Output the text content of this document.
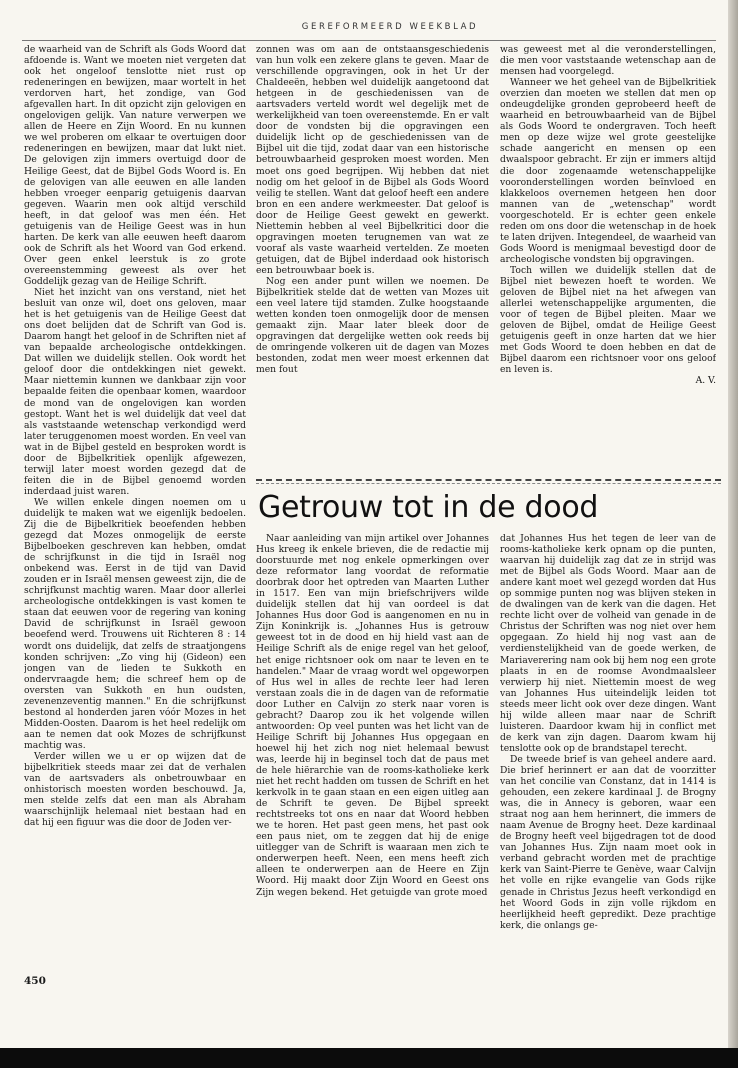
GEREFORMEERD WEEKBLAD

de waarheid van de Schrift als Gods Woord dat afdoende is. Want we moeten niet vergeten dat ook het ongeloof tenslotte niet rust op redeneringen en bewijzen, maar wortelt in het verdorven hart, het zondige, van God afgevallen hart. In dit opzicht zijn gelovigen en ongelovigen gelijk. Van nature verwerpen we allen de Heere en Zijn Woord. En nu kunnen we wel proberen om elkaar te overtuigen door redeneringen en bewijzen, maar dat lukt niet. De gelovigen zijn immers overtuigd door de Heilige Geest, dat de Bijbel Gods Woord is. En de gelovigen van alle eeuwen en alle landen hebben vroeger eenparig getuigenis daarvan gegeven. Waarin men ook altijd verschild heeft, in dat geloof was men één. Het getuigenis van de Heilige Geest was in hun harten. De kerk van alle eeuwen heeft daarom ook de Schrift als het Woord van God erkend. Over geen enkel leerstuk is zo grote overeenstemming geweest als over het Goddelijk gezag van de Heilige Schrift.

Niet het inzicht van ons verstand, niet het besluit van onze wil, doet ons geloven, maar het is het getuigenis van de Heilige Geest dat ons doet belijden dat de Schrift van God is. Daarom hangt het geloof in de Schriften niet af van bepaalde archeologische ontdekkingen. Dat willen we duidelijk stellen. Ook wordt het geloof door die ontdekkingen niet gewekt. Maar niettemin kunnen we dankbaar zijn voor bepaalde feiten die openbaar komen, waardoor de mond van de ongelovigen kan worden gestopt. Want het is wel duidelijk dat veel dat als vaststaande wetenschap verkondigd werd later teruggenomen moest worden. En veel van wat in de Bijbel gesteld en besproken wordt is door de Bijbelkritiek openlijk afgewezen, terwijl later moest worden gezegd dat de feiten die in de Bijbel genoemd worden inderdaad juist waren.

We willen enkele dingen noemen om u duidelijk te maken wat we eigenlijk bedoelen. Zij die de Bijbelkritiek beoefenden hebben gezegd dat Mozes onmogelijk de eerste Bijbelboeken geschreven kan hebben, omdat de schrijfkunst in die tijd in Israël nog onbekend was. Eerst in de tijd van David zouden er in Israël mensen geweest zijn, die de schrijfkunst machtig waren. Maar door allerlei archeologische ontdekkingen is vast komen te staan dat eeuwen voor de regering van koning David de schrijfkunst in Israël gewoon beoefend werd. Trouwens uit Richteren 8 : 14 wordt ons duidelijk, dat zelfs de straatjongens konden schrijven: „Zo ving hij (Gideon) een jongen van de lieden te Sukkoth en ondervraagde hem; die schreef hem op de oversten van Sukkoth en hun oudsten, zevenenzeventig mannen." En die schrijfkunst bestond al honderden jaren vóór Mozes in het Midden-Oosten. Daarom is het heel redelijk om aan te nemen dat ook Mozes de schrijfkunst machtig was.

Verder willen we u er op wijzen dat de bijbelkritiek steeds maar zei dat de verhalen van de aartsvaders als onbetrouwbaar en onhistorisch moesten worden beschouwd. Ja, men stelde zelfs dat een man als Abraham waarschijnlijk helemaal niet bestaan had en dat hij een figuur was die door de Joden ver-

zonnen was om aan de ontstaansgeschiedenis van hun volk een zekere glans te geven. Maar de verschillende opgravingen, ook in het Ur der Chaldeeën, hebben wel duidelijk aangetoond dat hetgeen in de geschiedenissen van de aartsvaders verteld wordt wel degelijk met de werkelijkheid van toen overeenstemde. En er valt door de vondsten bij die opgravingen een duidelijk licht op de geschiedenissen van de Bijbel uit die tijd, zodat daar van een historische betrouwbaarheid gesproken moest worden. Men moet ons goed begrijpen. Wij hebben dat niet nodig om het geloof in de Bijbel als Gods Woord veilig te stellen. Want dat geloof heeft een andere bron en een andere werkmeester. Dat geloof is door de Heilige Geest gewekt en gewerkt. Niettemin hebben al veel Bijbelkritici door die opgravingen moeten terugnemen van wat ze vooraf als vaste waarheid vertelden. Ze moeten getuigen, dat de Bijbel inderdaad ook historisch een betrouwbaar boek is.

Nog een ander punt willen we noemen. De Bijbelkritiek stelde dat de wetten van Mozes uit een veel latere tijd stamden. Zulke hoogstaande wetten konden toen onmogelijk door de mensen gemaakt zijn. Maar later bleek door de opgravingen dat dergelijke wetten ook reeds bij de omringende volkeren uit de dagen van Mozes bestonden, zodat men weer moest erkennen dat men fout

was geweest met al die veronderstellingen, die men voor vaststaande wetenschap aan de mensen had voorgelegd.

Wanneer we het geheel van de Bijbelkritiek overzien dan moeten we stellen dat men op ondeugdelijke gronden geprobeerd heeft de waarheid en betrouwbaarheid van de Bijbel als Gods Woord te ondergraven. Toch heeft men op deze wijze wel grote geestelijke schade aangericht en mensen op een dwaalspoor gebracht. Er zijn er immers altijd die door zogenaamde wetenschappelijke vooronderstellingen worden beïnvloed en klakkeloos overnemen hetgeen hen door mannen van de „wetenschap" wordt voorgeschoteld. Er is echter geen enkele reden om ons door die wetenschap in de hoek te laten drijven. Integendeel, de waarheid van Gods Woord is menigmaal bevestigd door de archeologische vondsten bij opgravingen.

Toch willen we duidelijk stellen dat de Bijbel niet bewezen hoeft te worden. We geloven de Bijbel niet na het afwegen van allerlei wetenschappelijke argumenten, die voor of tegen de Bijbel pleiten. Maar we geloven de Bijbel, omdat de Heilige Geest getuigenis geeft in onze harten dat we hier met Gods Woord te doen hebben en dat de Bijbel daarom een richtsnoer voor ons geloof en leven is.

A. V.

Getrouw tot in de dood

Naar aanleiding van mijn artikel over Johannes Hus kreeg ik enkele brieven, die de redactie mij doorstuurde met nog enkele opmerkingen over deze reformator lang voordat de reformatie doorbrak door het optreden van Maarten Luther in 1517. Een van mijn briefschrijvers wilde duidelijk stellen dat hij van oordeel is dat Johannes Hus door God is aangenomen en nu in Zijn Koninkrijk is. „Johannes Hus is getrouw geweest tot in de dood en hij hield vast aan de Heilige Schrift als de enige regel van het geloof, het enige richtsnoer ook om naar te leven en te handelen." Maar de vraag wordt wel opgeworpen of Hus wel in alles de rechte leer had leren verstaan zoals die in de dagen van de reformatie door Luther en Calvijn zo sterk naar voren is gebracht? Daarop zou ik het volgende willen antwoorden: Op veel punten was het licht van de Heilige Schrift bij Johannes Hus opgegaan en hoewel hij het zich nog niet helemaal bewust was, leerde hij in beginsel toch dat de paus met de hele hiërarchie van de rooms-katholieke kerk niet het recht hadden om tussen de Schrift en het kerkvolk in te gaan staan en een eigen uitleg aan de Schrift te geven. De Bijbel spreekt rechtstreeks tot ons en naar dat Woord hebben we te horen. Het past geen mens, het past ook een paus niet, om te zeggen dat hij de enige uitlegger van de Schrift is waaraan men zich te onderwerpen heeft. Neen, een mens heeft zich alleen te onderwerpen aan de Heere en Zijn Woord. Hij maakt door Zijn Woord en Geest ons Zijn wegen bekend. Het getuigde van grote moed

dat Johannes Hus het tegen de leer van de rooms-katholieke kerk opnam op die punten, waarvan hij duidelijk zag dat ze in strijd was met de Bijbel als Gods Woord. Maar aan de andere kant moet wel gezegd worden dat Hus op sommige punten nog was blijven steken in de dwalingen van de kerk van die dagen. Het rechte licht over de volheid van genade in de Christus der Schriften was nog niet over hem opgegaan. Zo hield hij nog vast aan de verdienstelijkheid van de goede werken, de Mariaverering nam ook bij hem nog een grote plaats in en de roomse Avondmaalsleer verwierp hij niet. Niettemin moest de weg van Johannes Hus uiteindelijk leiden tot steeds meer licht ook over deze dingen. Want hij wilde alleen maar naar de Schrift luisteren. Daardoor kwam hij in conflict met de kerk van zijn dagen. Daarom kwam hij tenslotte ook op de brandstapel terecht.

De tweede brief is van geheel andere aard. Die brief herinnert er aan dat de voorzitter van het concilie van Constanz, dat in 1414 is gehouden, een zekere kardinaal J. de Brogny was, die in Annecy is geboren, waar een straat nog aan hem herinnert, die immers de naam Avenue de Brogny heet. Deze kardinaal de Brogny heeft veel bijgedragen tot de dood van Johannes Hus. Zijn naam moet ook in verband gebracht worden met de prachtige kerk van Saint-Pierre te Genève, waar Calvijn het volle en rijke evangelie van Gods rijke genade in Christus Jezus heeft verkondigd en het Woord Gods in zijn volle rijkdom en heerlijkheid heeft gepredikt. Deze prachtige kerk, die onlangs ge-

450
